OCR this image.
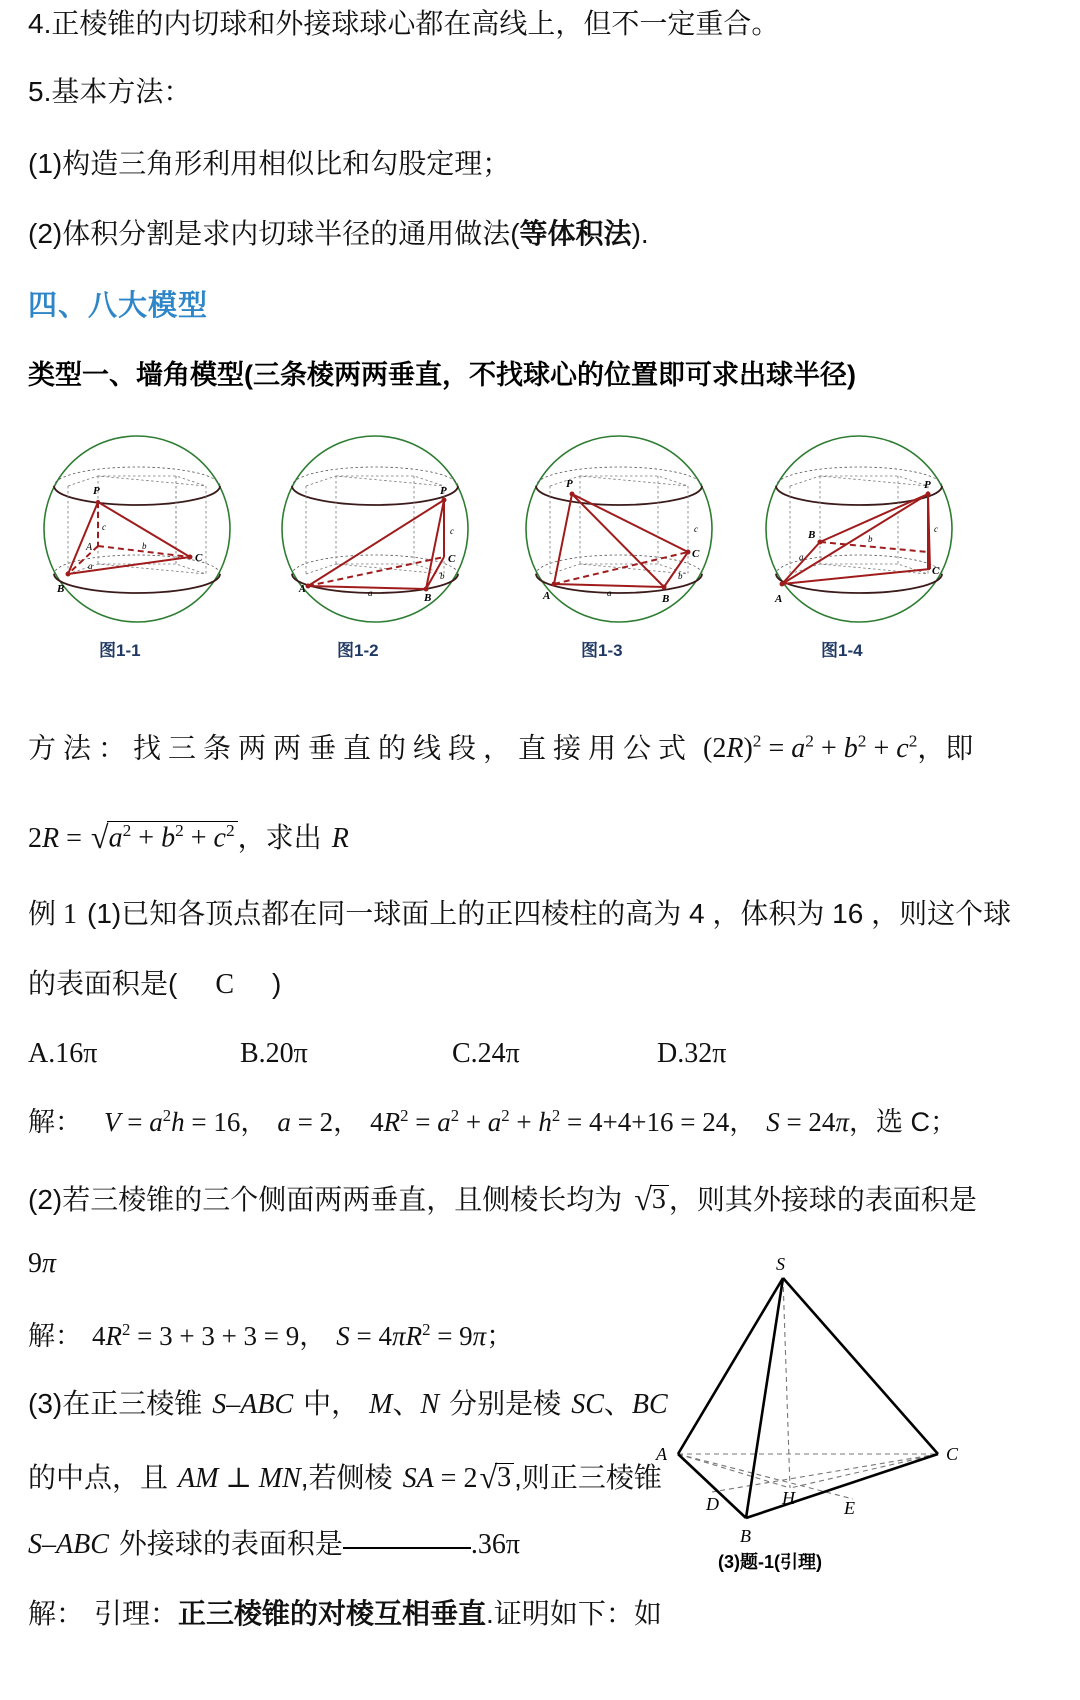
4.正棱锥的内切球和外接球球心都在高线上，但不一定重合。
5.基本方法：
(1)构造三角形利用相似比和勾股定理；
(2)体积分割是求内切球半径的通用做法(等体积法).
四、八大模型
类型一、墙角模型(三条棱两两垂直，不找球心的位置即可求出球半径)
P
A
B
C
a
b
c
P
A
B
C
a
b
c
P
A	B
C
a
b
c
P
A
B
C
a
b
c
图1-1	图1-2	图1-3	图1-4
方法：找三条两两垂直的线段，直接用公式 $(2R)^2 = a^2 + b^2 + c^2$，即
$2R = √a^2 + b^2 + c^2$ ，求出 R
例 1 (1)已知各顶点都在同一球面上的正四棱柱的高为 4 ，体积为 16 ，则这个球
的表面积是( C )
A.16π	B.20π	C.24π	D.32π
解： $V = a^2h = 16$， a = 2， $4R^2 = a^2 + a^2 + h^2 = 4+4+16 = 24$， S = 24π，选 C；
(2)若三棱锥的三个侧面两两垂直，且侧棱长均为 √3 ，则其外接球的表面积是
9π
解： $4R^2 = 3 + 3 + 3 = 9$， $S = 4\pi R^2 = 9\pi$；
(3)在正三棱锥 S–ABC 中， M、N 分别是棱 SC、BC
的中点，且 AM ⊥ MN,若侧棱 SA = 2√3 ,则正三棱锥
S–ABC 外接球的表面积是	.36π
解： 引理：正三棱锥的对棱互相垂直.证明如下：如
S
A	C
D	H	E
B
(3)题-1(引理)
